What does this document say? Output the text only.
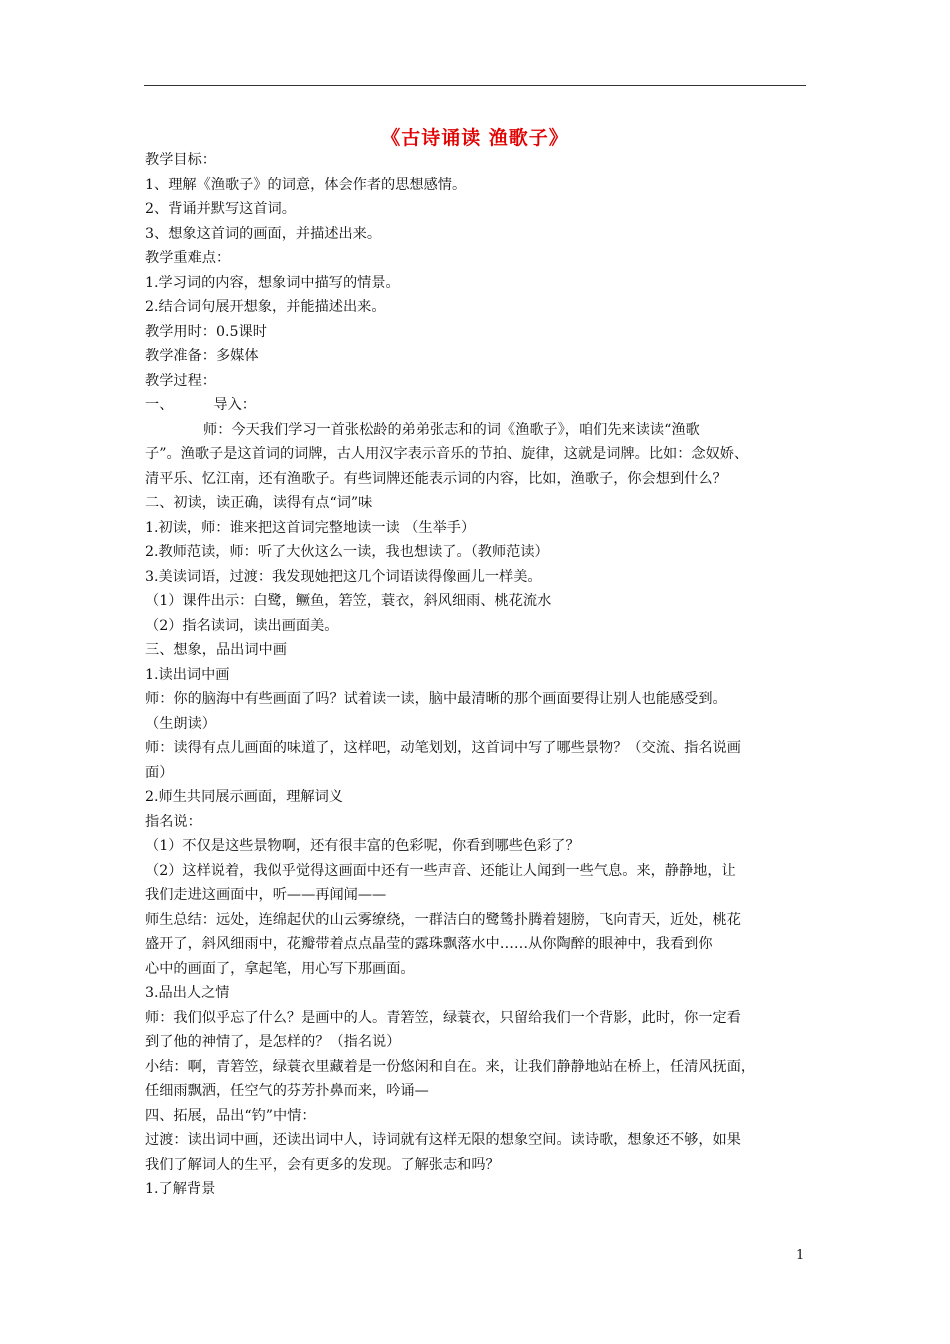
《古诗诵读 渔歌子》
教学目标：
1、理解《渔歌子》的词意，体会作者的思想感情。
2、背诵并默写这首词。
3、想象这首词的画面，并描述出来。
教学重难点：
1.学习词的内容，想象词中描写的情景。
2.结合词句展开想象，并能描述出来。
教学用时：0.5课时
教学准备：多媒体
教学过程：
一、	导入：
师：今天我们学习一首张松龄的弟弟张志和的词《渔歌子》，咱们先来读读“渔歌
子”。渔歌子是这首词的词牌，古人用汉字表示音乐的节拍、旋律，这就是词牌。比如：念奴娇、
清平乐、忆江南，还有渔歌子。有些词牌还能表示词的内容，比如，渔歌子，你会想到什么？
二、初读，读正确，读得有点“词”味
1.初读，师：谁来把这首词完整地读一读 （生举手）
2.教师范读，师：听了大伙这么一读，我也想读了。（教师范读）
3.美读词语，过渡：我发现她把这几个词语读得像画儿一样美。
（1）课件出示：白鹭，鳜鱼，箬笠，蓑衣，斜风细雨、桃花流水
（2）指名读词，读出画面美。
三、想象，品出词中画
1.读出词中画
师：你的脑海中有些画面了吗？试着读一读，脑中最清晰的那个画面要得让别人也能感受到。
（生朗读）
师：读得有点儿画面的味道了，这样吧，动笔划划，这首词中写了哪些景物？（交流、指名说画
面）
2.师生共同展示画面，理解词义
指名说：
（1）不仅是这些景物啊，还有很丰富的色彩呢，你看到哪些色彩了？
（2）这样说着，我似乎觉得这画面中还有一些声音、还能让人闻到一些气息。来，静静地，让
我们走进这画面中，听——再闻闻——
师生总结：远处，连绵起伏的山云雾缭绕，一群洁白的鹭鸶扑腾着翅膀，飞向青天，近处，桃花
盛开了，斜风细雨中，花瓣带着点点晶莹的露珠飘落水中……从你陶醉的眼神中，我看到你
心中的画面了，拿起笔，用心写下那画面。
3.品出人之情
师：我们似乎忘了什么？是画中的人。青箬笠，绿蓑衣，只留给我们一个背影，此时，你一定看
到了他的神情了，是怎样的？（指名说）
小结：啊，青箬笠，绿蓑衣里藏着是一份悠闲和自在。来，让我们静静地站在桥上，任清风抚面，
任细雨飘洒，任空气的芬芳扑鼻而来，吟诵—
四、拓展，品出“钓”中情：
过渡：读出词中画，还读出词中人，诗词就有这样无限的想象空间。读诗歌，想象还不够，如果
我们了解词人的生平，会有更多的发现。了解张志和吗？
1.了解背景
1
